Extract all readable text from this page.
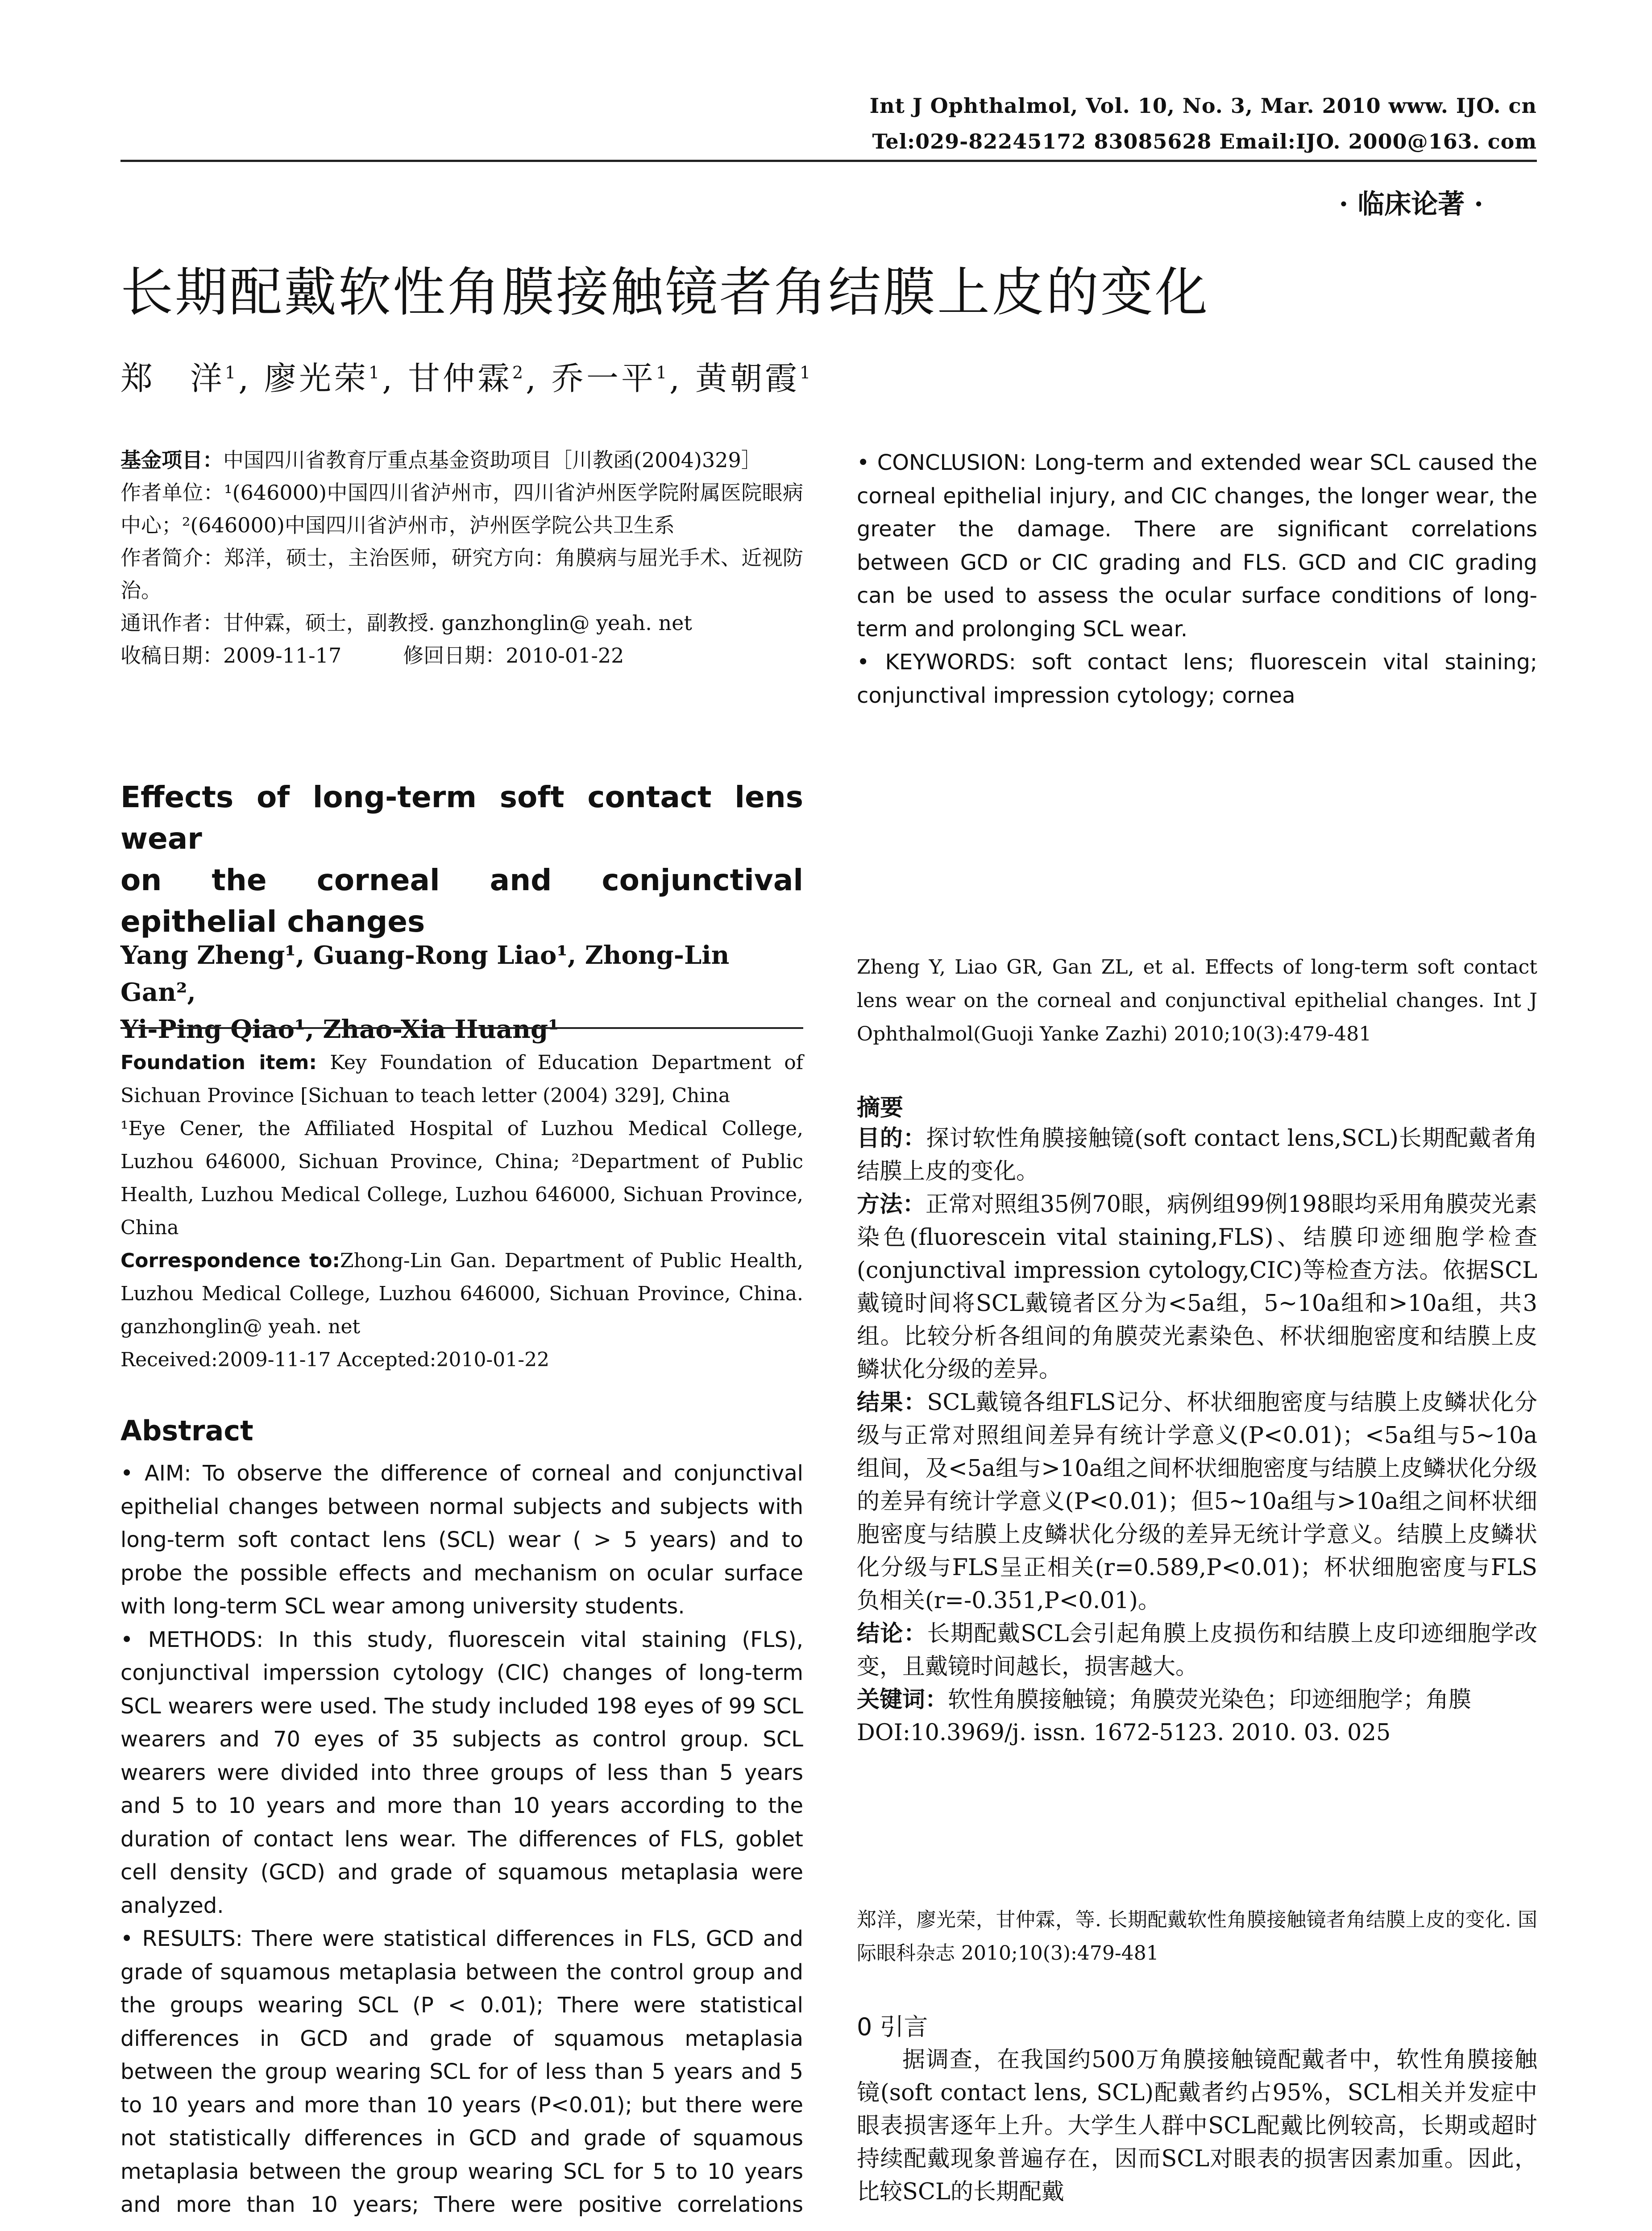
Int J Ophthalmol, Vol. 10, No. 3, Mar. 2010 www. IJO. cn
Tel:029-82245172 83085628 Email:IJO. 2000@163. com
· 临床论著 ·
长期配戴软性角膜接触镜者角结膜上皮的变化
郑　洋$^1$, 廖光荣$^1$, 甘仲霖$^2$, 乔一平$^1$, 黄朝霞$^1$

基金项目：中国四川省教育厅重点基金资助项目［川教函(2004)329］

作者单位：¹(646000)中国四川省泸州市，四川省泸州医学院附属医院眼病中心；²(646000)中国四川省泸州市，泸州医学院公共卫生系

作者简介：郑洋，硕士，主治医师，研究方向：角膜病与屈光手术、近视防治。

通讯作者：甘仲霖，硕士，副教授. ganzhonglin@ yeah. net

收稿日期：2009-11-17　　　修回日期：2010-01-22

Effects of long-term soft contact lens wear

on the corneal and conjunctival

epithelial changes

Yang Zheng¹, Guang-Rong Liao¹, Zhong-Lin Gan²,
Yi-Ping Qiao¹, Zhao-Xia Huang¹

Foundation item: Key Foundation of Education Department of Sichuan Province [Sichuan to teach letter (2004) 329], China

¹Eye Cener, the Affiliated Hospital of Luzhou Medical College, Luzhou 646000, Sichuan Province, China; ²Department of Public Health, Luzhou Medical College, Luzhou 646000, Sichuan Province, China

Correspondence to:Zhong-Lin Gan. Department of Public Health, Luzhou Medical College, Luzhou 646000, Sichuan Province, China. ganzhonglin@ yeah. net

Received:2009-11-17 Accepted:2010-01-22

Abstract

• AIM: To observe the difference of corneal and conjunctival epithelial changes between normal subjects and subjects with long-term soft contact lens (SCL) wear ( > 5 years) and to probe the possible effects and mechanism on ocular surface with long-term SCL wear among university students.

• METHODS: In this study, fluorescein vital staining (FLS), conjunctival imperssion cytology (CIC) changes of long-term SCL wearers were used. The study included 198 eyes of 99 SCL wearers and 70 eyes of 35 subjects as control group. SCL wearers were divided into three groups of less than 5 years and 5 to 10 years and more than 10 years according to the duration of contact lens wear. The differences of FLS, goblet cell density (GCD) and grade of squamous metaplasia were analyzed.

• RESULTS: There were statistical differences in FLS, GCD and grade of squamous metaplasia between the control group and the groups wearing SCL (P < 0.01); There were statistical differences in GCD and grade of squamous metaplasia between the group wearing SCL for of less than 5 years and 5 to 10 years and more than 10 years (P<0.01); but there were not statistically differences in GCD and grade of squamous metaplasia between the group wearing SCL for 5 to 10 years and more than 10 years; There were positive correlations

• CONCLUSION: Long-term and extended wear SCL caused the corneal epithelial injury, and CIC changes, the longer wear, the greater the damage. There are significant correlations between GCD or CIC grading and FLS. GCD and CIC grading can be used to assess the ocular surface conditions of long-term and prolonging SCL wear.

• KEYWORDS: soft contact lens; fluorescein vital staining; conjunctival impression cytology; cornea

Zheng Y, Liao GR, Gan ZL, et al. Effects of long-term soft contact lens wear on the corneal and conjunctival epithelial changes. Int J Ophthalmol(Guoji Yanke Zazhi) 2010;10(3):479-481
摘要

目的：探讨软性角膜接触镜(soft contact lens,SCL)长期配戴者角结膜上皮的变化。

方法：正常对照组35例70眼，病例组99例198眼均采用角膜荧光素染色(fluorescein vital staining,FLS)、结膜印迹细胞学检查(conjunctival impression cytology,CIC)等检查方法。依据SCL戴镜时间将SCL戴镜者区分为<5a组，5~10a组和>10a组，共3组。比较分析各组间的角膜荧光素染色、杯状细胞密度和结膜上皮鳞状化分级的差异。

结果：SCL戴镜各组FLS记分、杯状细胞密度与结膜上皮鳞状化分级与正常对照组间差异有统计学意义(P<0.01)；<5a组与5~10a组间，及<5a组与>10a组之间杯状细胞密度与结膜上皮鳞状化分级的差异有统计学意义(P<0.01)；但5~10a组与>10a组之间杯状细胞密度与结膜上皮鳞状化分级的差异无统计学意义。结膜上皮鳞状化分级与FLS呈正相关(r=0.589,P<0.01)；杯状细胞密度与FLS负相关(r=-0.351,P<0.01)。

结论：长期配戴SCL会引起角膜上皮损伤和结膜上皮印迹细胞学改变，且戴镜时间越长，损害越大。

关键词：软性角膜接触镜；角膜荧光染色；印迹细胞学；角膜

DOI:10.3969/j. issn. 1672-5123. 2010. 03. 025

郑洋，廖光荣，甘仲霖，等. 长期配戴软性角膜接触镜者角结膜上皮的变化. 国际眼科杂志 2010;10(3):479-481
0 引言
据调查，在我国约500万角膜接触镜配戴者中，软性角膜接触镜(soft contact lens, SCL)配戴者约占95%，SCL相关并发症中眼表损害逐年上升。大学生人群中SCL配戴比例较高，长期或超时持续配戴现象普遍存在，因而SCL对眼表的损害因素加重。因此，比较SCL的长期配戴
